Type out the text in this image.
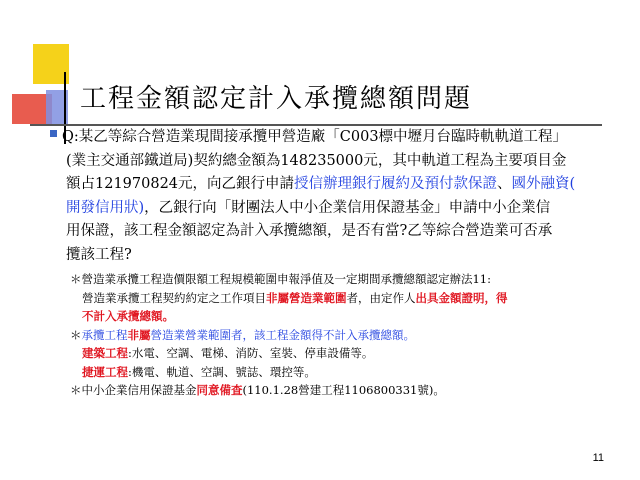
工程金額認定計入承攬總額問題
Q:某乙等綜合營造業現間接承攬甲營造廠「C003標中壢月台臨時軌軌道工程」
(業主交通部鐵道局)契約總金額為148235000元，其中軌道工程為主要項目金
額占121970824元，向乙銀行申請授信辦理銀行履約及預付款保證、國外融資(
開發信用狀)，乙銀行向「財團法人中小企業信用保證基金」申請中小企業信
用保證，該工程金額認定為計入承攬總額，是否有當?乙等綜合營造業可否承
攬該工程?

＊營造業承攬工程造價限額工程規模範圍申報淨值及一定期間承攬總額認定辦法11:

營造業承攬工程契約約定之工作項目非屬營造業範圍者，由定作人出具金額證明，得

不計入承攬總額。

＊承攬工程非屬營造業營業範圍者，該工程金額得不計入承攬總額。

建築工程:水電、空調、電梯、消防、室裝、停車設備等。

捷運工程:機電、軌道、空調、號誌、環控等。

＊中小企業信用保證基金同意備查(110.1.28營建工程1106800331號)。

11
